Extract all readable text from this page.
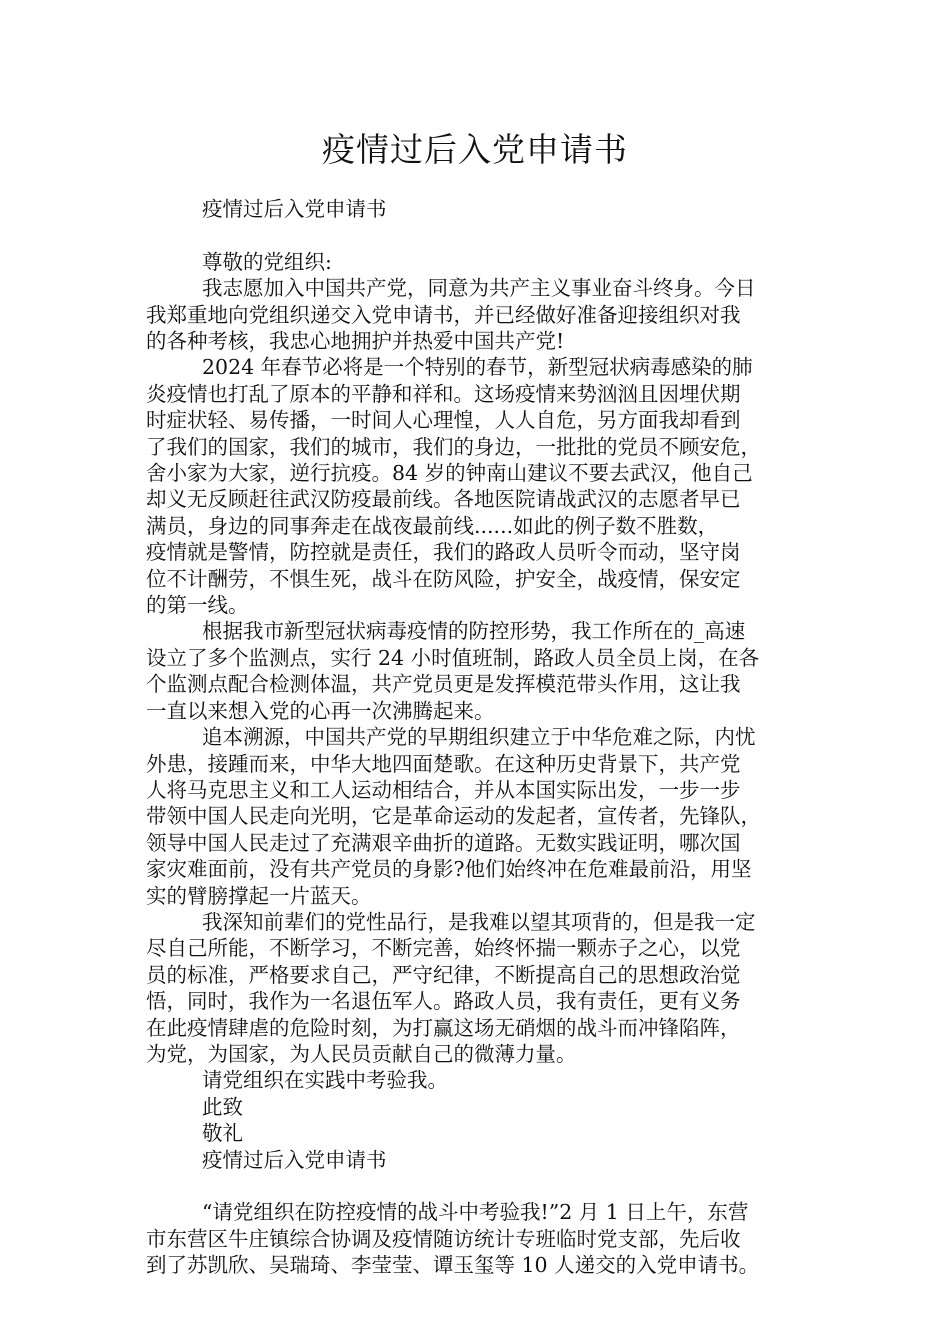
疫情过后入党申请书

疫情过后入党申请书

尊敬的党组织:

我志愿加入中国共产党，同意为共产主义事业奋斗终身。今日

我郑重地向党组织递交入党申请书，并已经做好准备迎接组织对我

的各种考核，我忠心地拥护并热爱中国共产党!

2024 年春节必将是一个特别的春节，新型冠状病毒感染的肺

炎疫情也打乱了原本的平静和祥和。这场疫情来势汹汹且因埋伏期

时症状轻、易传播，一时间人心理惶，人人自危，另方面我却看到

了我们的国家，我们的城市，我们的身边，一批批的党员不顾安危，

舍小家为大家，逆行抗疫。84 岁的钟南山建议不要去武汉，他自己

却义无反顾赶往武汉防疫最前线。各地医院请战武汉的志愿者早已

满员，身边的同事奔走在战夜最前线......如此的例子数不胜数，

疫情就是警情，防控就是责任，我们的路政人员听令而动，坚守岗

位不计酬劳，不惧生死，战斗在防风险，护安全，战疫情，保安定

的第一线。

根据我市新型冠状病毒疫情的防控形势，我工作所在的_高速

设立了多个监测点，实行 24 小时值班制，路政人员全员上岗，在各

个监测点配合检测体温，共产党员更是发挥模范带头作用，这让我

一直以来想入党的心再一次沸腾起来。

追本溯源，中国共产党的早期组织建立于中华危难之际，内忧

外患，接踵而来，中华大地四面楚歌。在这种历史背景下，共产党

人将马克思主义和工人运动相结合，并从本国实际出发，一步一步

带领中国人民走向光明，它是革命运动的发起者，宣传者，先锋队，

领导中国人民走过了充满艰辛曲折的道路。无数实践证明，哪次国

家灾难面前，没有共产党员的身影?他们始终冲在危难最前沿，用坚

实的臂膀撑起一片蓝天。

我深知前辈们的党性品行，是我难以望其项背的，但是我一定

尽自己所能，不断学习，不断完善，始终怀揣一颗赤子之心，以党

员的标准，严格要求自己，严守纪律，不断提高自己的思想政治觉

悟，同时，我作为一名退伍军人。路政人员，我有责任，更有义务

在此疫情肆虐的危险时刻，为打赢这场无硝烟的战斗而冲锋陷阵，

为党，为国家，为人民员贡献自己的微薄力量。

请党组织在实践中考验我。

此致

敬礼

疫情过后入党申请书

“请党组织在防控疫情的战斗中考验我!”2 月 1 日上午，东营

市东营区牛庄镇综合协调及疫情随访统计专班临时党支部，先后收

到了苏凯欣、吴瑞琦、李莹莹、谭玉玺等 10 人递交的入党申请书。
